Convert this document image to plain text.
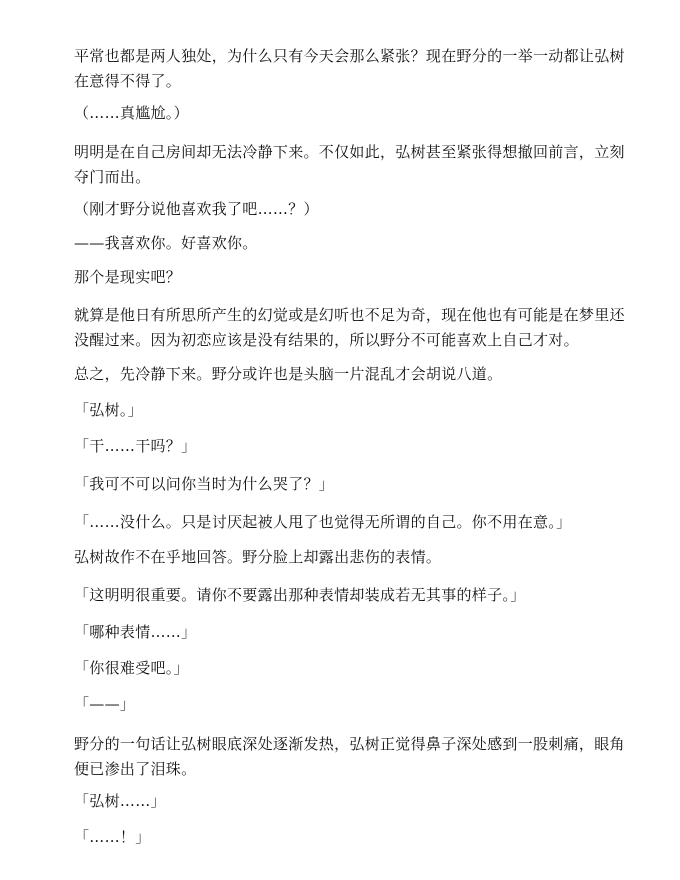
平常也都是两人独处，为什么只有今天会那么紧张？现在野分的一举一动都让弘树在意得不得了。
（……真尴尬。）
明明是在自己房间却无法冷静下来。不仅如此，弘树甚至紧张得想撤回前言，立刻夺门而出。
（刚才野分说他喜欢我了吧……？）
——我喜欢你。好喜欢你。
那个是现实吧？
就算是他日有所思所产生的幻觉或是幻听也不足为奇，现在他也有可能是在梦里还没醒过来。因为初恋应该是没有结果的，所以野分不可能喜欢上自己才对。
总之，先冷静下来。野分或许也是头脑一片混乱才会胡说八道。
「弘树。」
「干……干吗？」
「我可不可以问你当时为什么哭了？」
「……没什么。只是讨厌起被人甩了也觉得无所谓的自己。你不用在意。」
弘树故作不在乎地回答。野分脸上却露出悲伤的表情。
「这明明很重要。请你不要露出那种表情却装成若无其事的样子。」
「哪种表情……」
「你很难受吧。」
「——」
野分的一句话让弘树眼底深处逐渐发热，弘树正觉得鼻子深处感到一股刺痛，眼角便已渗出了泪珠。
「弘树……」
「……！」
